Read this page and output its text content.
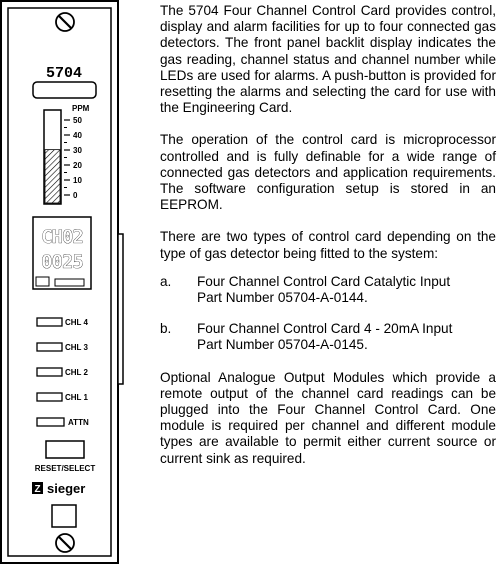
5704
PPM
50
40
30
20
10
0
CH02
0025
CHL 4
CHL 3
CHL 2
CHL 1
ATTN
RESET/SELECT
Z sieger

The 5704 Four Channel Control Card provides control, display and alarm facilities for up to four connected gas detectors. The front panel backlit display indicates the gas reading, channel status and channel number while LEDs are used for alarms. A push-button is provided for resetting the alarms and selecting the card for use with the Engineering Card.

The operation of the control card is microprocessor controlled and is fully definable for a wide range of connected gas detectors and application requirements. The software configuration setup is stored in an EEPROM.

There are two types of control card depending on the type of gas detector being fitted to the system:

a.	Four Channel Control Card Catalytic Input
Part Number 05704-A-0144.
b.	Four Channel Control Card 4 - 20mA Input
Part Number 05704-A-0145.

Optional Analogue Output Modules which provide a remote output of the channel card readings can be plugged into the Four Channel Control Card. One module is required per channel and different module types are available to permit either current source or current sink as required.
